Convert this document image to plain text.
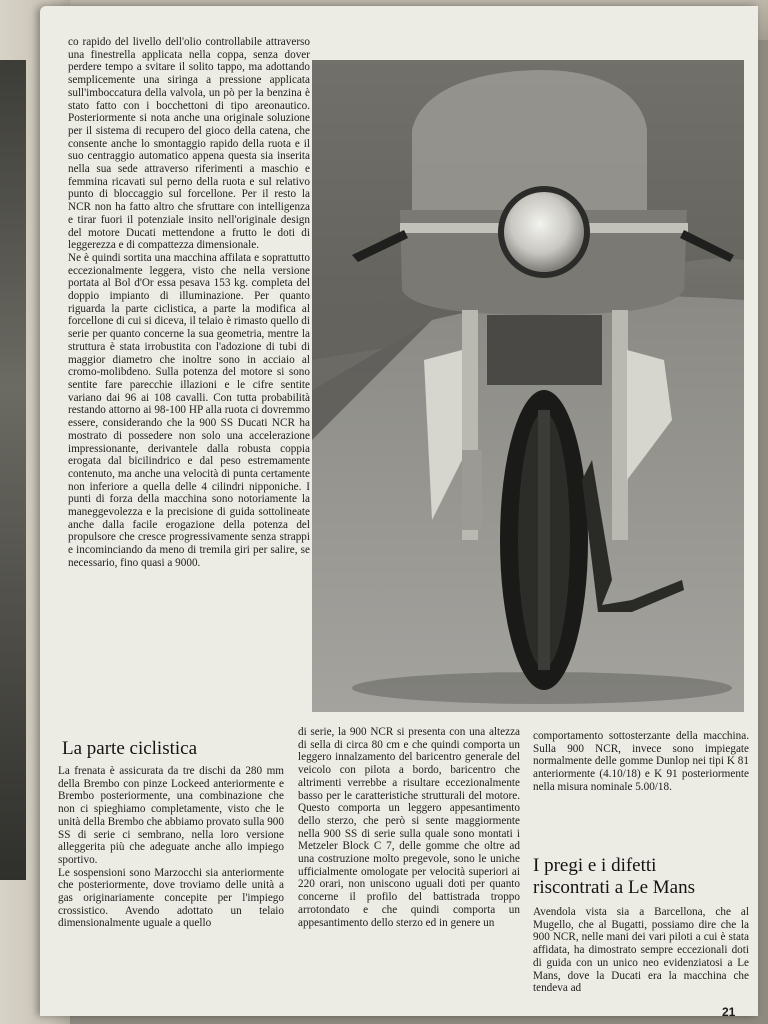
co rapido del livello dell'olio controllabile attraverso una finestrella applicata nella coppa, senza dover perdere tempo a svitare il solito tappo, ma adottando semplicemente una siringa a pressione applicata sull'imboccatura della valvola, un pò per la benzina è stato fatto con i bocchettoni di tipo areonautico. Posteriormente si nota anche una originale soluzione per il sistema di recupero del gioco della catena, che consente anche lo smontaggio rapido della ruota e il suo centraggio automatico appena questa sia inserita nella sua sede attraverso riferimenti a maschio e femmina ricavati sul perno della ruota e sul relativo punto di bloccaggio sul forcellone. Per il resto la NCR non ha fatto altro che sfruttare con intelligenza e tirar fuori il potenziale insito nell'originale design del motore Ducati mettendone a frutto le doti di leggerezza e di compattezza dimensionale.
Ne è quindi sortita una macchina affilata e soprattutto eccezionalmente leggera, visto che nella versione portata al Bol d'Or essa pesava 153 kg. completa del doppio impianto di illuminazione. Per quanto riguarda la parte ciclistica, a parte la modifica al forcellone di cui si diceva, il telaio è rimasto quello di serie per quanto concerne la sua geometria, mentre la struttura è stata irrobustita con l'adozione di tubi di maggior diametro che inoltre sono in acciaio al cromo-molibdeno. Sulla potenza del motore si sono sentite fare parecchie illazioni e le cifre sentite variano dai 96 ai 108 cavalli. Con tutta probabilità restando attorno ai 98-100 HP alla ruota ci dovremmo essere, considerando che la 900 SS Ducati NCR ha mostrato di possedere non solo una accelerazione impressionante, derivantele dalla robusta coppia erogata dal bicilindrico e dal peso estremamente contenuto, ma anche una velocità di punta certamente non inferiore a quella delle 4 cilindri nipponiche. I punti di forza della macchina sono notoriamente la maneggevolezza e la precisione di guida sottolineate anche dalla facile erogazione della potenza del propulsore che cresce progressivamente senza strappi e incominciando da meno di tremila giri per salire, se necessario, fino quasi a 9000.
La parte ciclistica
La frenata è assicurata da tre dischi da 280 mm della Brembo con pinze Lockeed anteriormente e Brembo posteriormente, una combinazione che non ci spieghiamo completamente, visto che le unità della Brembo che abbiamo provato sulla 900 SS di serie ci sembrano, nella loro versione alleggerita più che adeguate anche allo impiego sportivo.
Le sospensioni sono Marzocchi sia anteriormente che posteriormente, dove troviamo delle unità a gas originariamente concepite per l'impiego crossistico. Avendo adottato un telaio dimensionalmente uguale a quello
di serie, la 900 NCR si presenta con una altezza di sella di circa 80 cm e che quindi comporta un leggero innalzamento del baricentro generale del veicolo con pilota a bordo, baricentro che altrimenti verrebbe a risultare eccezionalmente basso per le caratteristiche strutturali del motore. Questo comporta un leggero appesantimento dello sterzo, che però si sente maggiormente nella 900 SS di serie sulla quale sono montati i Metzeler Block C 7, delle gomme che oltre ad una costruzione molto pregevole, sono le uniche ufficialmente omologate per velocità superiori ai 220 orari, non uniscono uguali doti per quanto concerne il profilo del battistrada troppo arrotondato e che quindi comporta un appesantimento dello sterzo ed in genere un
comportamento sottosterzante della macchina. Sulla 900 NCR, invece sono impiegate normalmente delle gomme Dunlop nei tipi K 81 anteriormente (4.10/18) e K 91 posteriormente nella misura nominale 5.00/18.
I pregi e i difetti
riscontrati a Le Mans
Avendola vista sia a Barcellona, che al Mugello, che al Bugatti, possiamo dire che la 900 NCR, nelle mani dei vari piloti a cui è stata affidata, ha dimostrato sempre eccezionali doti di guida con un unico neo evidenziatosi a Le Mans, dove la Ducati era la macchina che tendeva ad
21
